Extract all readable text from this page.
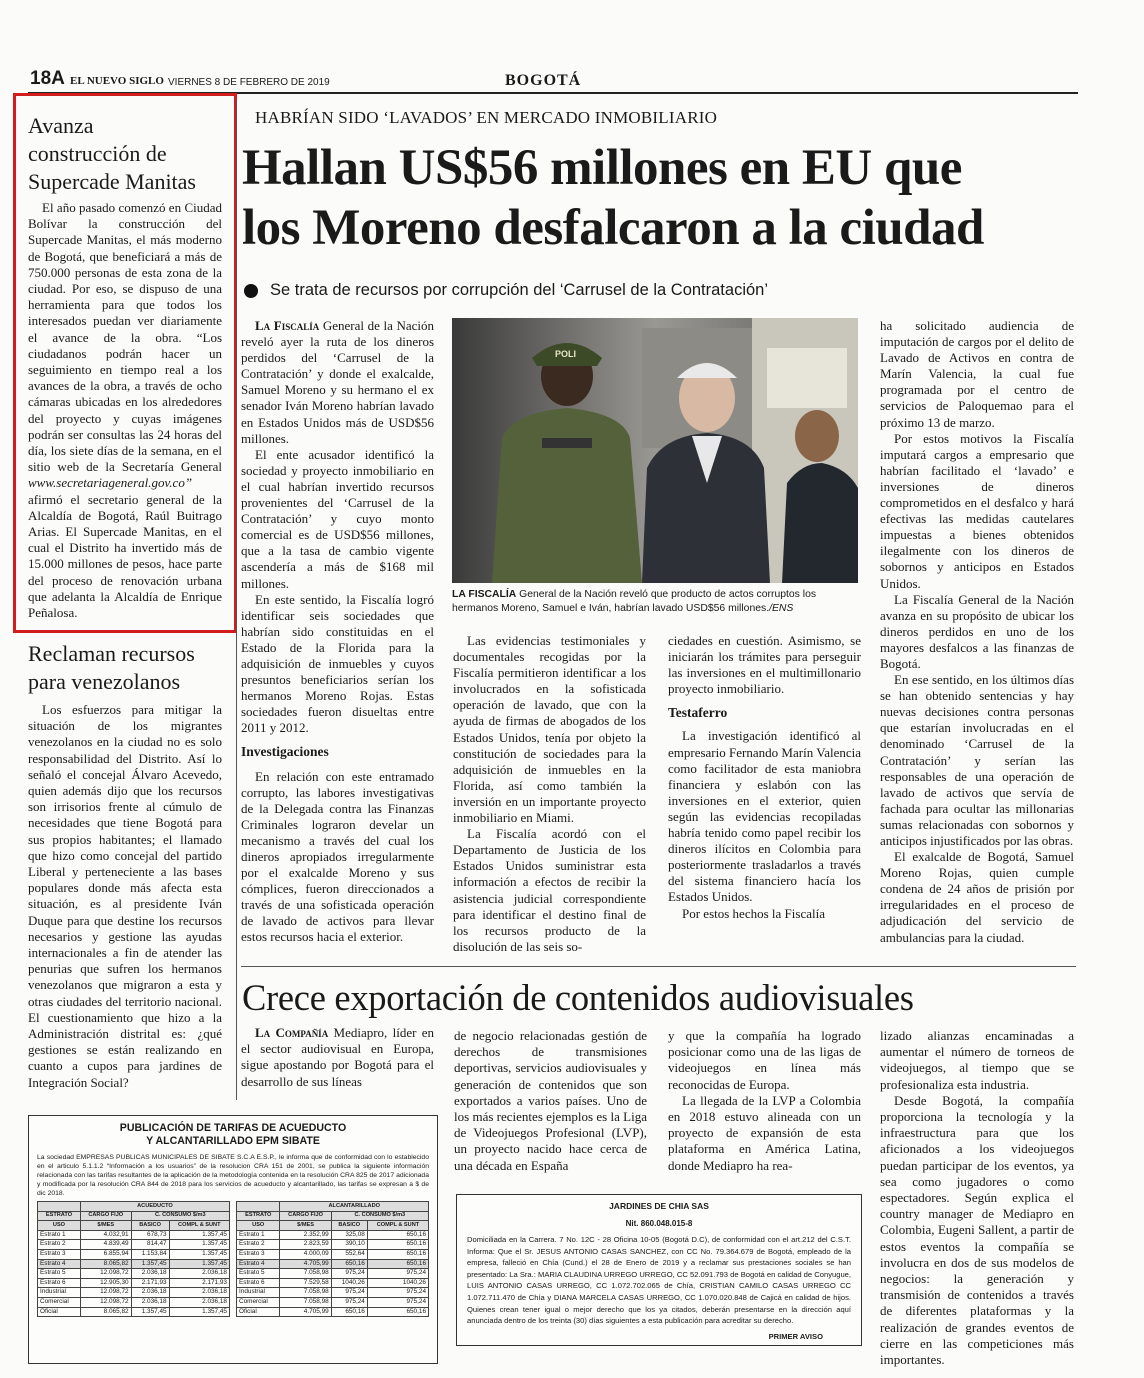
18A EL NUEVO SIGLO VIERNES 8 DE FEBRERO DE 2019	BOGOTÁ
Avanza
construcción de
Supercade Manitas

El año pasado comenzó en Ciudad Bolívar la construcción del Supercade Manitas, el más moderno de Bogotá, que beneficiará a más de 750.000 personas de esta zona de la ciudad. Por eso, se dispuso de una herramienta para que todos los interesados puedan ver diariamente el avance de la obra. “Los ciudadanos podrán hacer un seguimiento en tiempo real a los avances de la obra, a través de ocho cámaras ubicadas en los alrededores del proyecto y cuyas imágenes podrán ser consultas las 24 horas del día, los siete días de la semana, en el sitio web de la Secretaría General www.secretariageneral.gov.co” afirmó el secretario general de la Alcaldía de Bogotá, Raúl Buitrago Arias. El Supercade Manitas, en el cual el Distrito ha invertido más de 15.000 millones de pesos, hace parte del proceso de renovación urbana que adelanta la Alcaldía de Enrique Peñalosa.

Reclaman recursos
para venezolanos

Los esfuerzos para mitigar la situación de los migrantes venezolanos en la ciudad no es solo responsabilidad del Distrito. Así lo señaló el concejal Álvaro Acevedo, quien además dijo que los recursos son irrisorios frente al cúmulo de necesidades que tiene Bogotá para sus propios habitantes; el llamado que hizo como concejal del partido Liberal y perteneciente a las bases populares donde más afecta esta situación, es al presidente Iván Duque para que destine los recursos necesarios y gestione las ayudas internacionales a fin de atender las penurias que sufren los hermanos venezolanos que migraron a esta y otras ciudades del territorio nacional. El cuestionamiento que hizo a la Administración distrital es: ¿qué gestiones se están realizando en cuanto a cupos para jardines de Integración Social?

HABRÍAN SIDO ‘LAVADOS’ EN MERCADO INMOBILIARIO
Hallan US$56 millones en EU que
los Moreno desfalcaron a la ciudad
Se trata de recursos por corrupción del ‘Carrusel de la Contratación’

La Fiscalía General de la Nación reveló ayer la ruta de los dineros perdidos del ‘Carrusel de la Contratación’ y donde el exalcalde, Samuel Moreno y su hermano el ex senador Iván Moreno habrían lavado en Estados Unidos más de USD$56 millones.

El ente acusador identificó la sociedad y proyecto inmobiliario en el cual habrían invertido recursos provenientes del ‘Carrusel de la Contratación’ y cuyo monto comercial es de USD$56 millones, que a la tasa de cambio vigente ascendería a más de $168 mil millones.

En este sentido, la Fiscalía logró identificar seis sociedades que habrían sido constituidas en el Estado de la Florida para la adquisición de inmuebles y cuyos presuntos beneficiarios serían los hermanos Moreno Rojas. Estas sociedades fueron disueltas entre 2011 y 2012.

Investigaciones

En relación con este entramado corrupto, las labores investigativas de la Delegada contra las Finanzas Criminales lograron develar un mecanismo a través del cual los dineros apropiados irregularmente por el exalcalde Moreno y sus cómplices, fueron direccionados a través de una sofisticada operación de lavado de activos para llevar estos recursos hacia el exterior.

POLI
LA FISCALÍA General de la Nación reveló que producto de actos corruptos los hermanos Moreno, Samuel e Iván, habrían lavado USD$56 millones./ENS

Las evidencias testimoniales y documentales recogidas por la Fiscalía permitieron identificar a los involucrados en la sofisticada operación de lavado, que con la ayuda de firmas de abogados de los Estados Unidos, tenía por objeto la constitución de sociedades para la adquisición de inmuebles en la Florida, así como también la inversión en un importante proyecto inmobiliario en Miami.

La Fiscalía acordó con el Departamento de Justicia de los Estados Unidos suministrar esta información a efectos de recibir la asistencia judicial correspondiente para identificar el destino final de los recursos producto de la disolución de las seis so-

ciedades en cuestión. Asimismo, se iniciarán los trámites para perseguir las inversiones en el multimillonario proyecto inmobiliario.

Testaferro

La investigación identificó al empresario Fernando Marín Valencia como facilitador de esta maniobra financiera y eslabón con las inversiones en el exterior, quien según las evidencias recopiladas habría tenido como papel recibir los dineros ilícitos en Colombia para posteriormente trasladarlos a través del sistema financiero hacía los Estados Unidos.

Por estos hechos la Fiscalía

ha solicitado audiencia de imputación de cargos por el delito de Lavado de Activos en contra de Marín Valencia, la cual fue programada por el centro de servicios de Paloquemao para el próximo 13 de marzo.

Por estos motivos la Fiscalía imputará cargos a empresario que habrían facilitado el ‘lavado’ e inversiones de dineros comprometidos en el desfalco y hará efectivas las medidas cautelares impuestas a bienes obtenidos ilegalmente con los dineros de sobornos y anticipos en Estados Unidos.

La Fiscalía General de la Nación avanza en su propósito de ubicar los dineros perdidos en uno de los mayores desfalcos a las finanzas de Bogotá.

En ese sentido, en los últimos días se han obtenido sentencias y hay nuevas decisiones contra personas que estarían involucradas en el denominado ‘Carrusel de la Contratación’ y serían las responsables de una operación de lavado de activos que servía de fachada para ocultar las millonarias sumas relacionadas con sobornos y anticipos injustificados por las obras.

El exalcalde de Bogotá, Samuel Moreno Rojas, quien cumple condena de 24 años de prisión por irregularidades en el proceso de adjudicación del servicio de ambulancias para la ciudad.

Crece exportación de contenidos audiovisuales

La Compañía Mediapro, líder en el sector audiovisual en Europa, sigue apostando por Bogotá para el desarrollo de sus líneas

de negocio relacionadas gestión de derechos de transmisiones deportivas, servicios audiovisuales y generación de contenidos que son exportados a varios países. Uno de los más recientes ejemplos es la Liga de Videojuegos Profesional (LVP), un proyecto nacido hace cerca de una década en España

y que la compañía ha logrado posicionar como una de las ligas de videojuegos en línea más reconocidas de Europa.

La llegada de la LVP a Colombia en 2018 estuvo alineada con un proyecto de expansión de esta plataforma en América Latina, donde Mediapro ha rea-

lizado alianzas encaminadas a aumentar el número de torneos de videojuegos, al tiempo que se profesionaliza esta industria.

Desde Bogotá, la compañía proporciona la tecnología y la infraestructura para que los aficionados a los videojuegos puedan participar de los eventos, ya sea como jugadores o como espectadores. Según explica el country manager de Mediapro en Colombia, Eugeni Sallent, a partir de estos eventos la compañía se involucra en dos de sus modelos de negocios: la generación y transmisión de contenidos a través de diferentes plataformas y la realización de grandes eventos de cierre en las competiciones más importantes.

PUBLICACIÓN DE TARIFAS DE ACUEDUCTO
Y ALCANTARILLADO EPM SIBATE
La sociedad EMPRESAS PUBLICAS MUNICIPALES DE SIBATE S.C.A E.S.P., le informa que de conformidad con lo establecido en el articulo 5.1.1.2 “Información a los usuarios” de la resolucion CRA 151 de 2001, se publica la siguiente información relacionada con las tarifas resultantes de la aplicación de la metodología contenida en la resolución CRA 825 de 2017 adicionada y modificada por la resolución CRA 844 de 2018 para los servicios de acueducto y alcantarillado, las tarifas se expresan a $ de dic 2018.
	ACUEDUCTO		
ESTRATO	CARGO FIJO	C. CONSUMO $/m3	
USO	$/MES	BASICO	COMPL & SUNT
Estrato 1	4.032,91	678,73	1.357,45
Estrato 2	4.839,49	814,47	1.357,45
Estrato 3	6.855,94	1.153,84	1.357,45
Estrato 4	8.065,82	1.357,45	1.357,45
Estrato 5	12.098,72	2.036,18	2.036,18
Estrato 6	12.905,30	2.171,93	2.171,93
Industrial	12.098,72	2.036,18	2.036,18
Comercial	12.098,72	2.036,18	2.036,18
Oficial	8.065,82	1.357,45	1.357,45
	ALCANTARILLADO		
ESTRATO	CARGO FIJO	C. CONSUMO $/m3	
USO	$/MES	BASICO	COMPL & SUNT
Estrato 1	2.352,99	325,08	650,16
Estrato 2	2.823,59	390,10	650,16
Estrato 3	4.000,09	552,64	650,16
Estrato 4	4.705,99	650,16	650,16
Estrato 5	7.058,98	975,24	975,24
Estrato 6	7.529,58	1040,26	1040,26
Industrial	7.058,98	975,24	975,24
Comercial	7.058,98	975,24	975,24
Oficial	4.705,99	650,16	650,16
JARDINES DE CHIA SAS
Nit. 860.048.015-8
Domiciliada en la Carrera. 7 No. 12C - 28 Oficina 10-05 (Bogotá D.C), de conformidad con el art.212 del C.S.T. Informa: Que el Sr. JESUS ANTONIO CASAS SANCHEZ, con CC No. 79.364.679 de Bogotá, empleado de la empresa, falleció en Chía (Cund.) el 28 de Enero de 2019 y a reclamar sus prestaciones sociales se han presentado: La Sra.: MARIA CLAUDINA URREGO URREGO, CC 52.091.793 de Bogotá en calidad de Conyugue, LUIS ANTONIO CASAS URREGO, CC 1.072.702.065 de Chía, CRISTIAN CAMILO CASAS URREGO CC 1.072.711.470 de Chía y DIANA MARCELA CASAS URREGO, CC 1.070.020.848 de Cajicá en calidad de hijos. Quienes crean tener igual o mejor derecho que los ya citados, deberán presentarse en la dirección aquí anunciada dentro de los treinta (30) días siguientes a esta publicación para acreditar su derecho.
PRIMER AVISO
